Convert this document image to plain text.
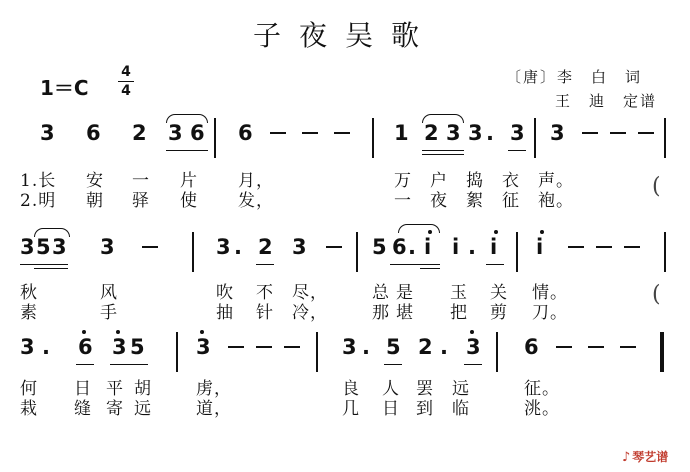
子夜吴歌
1＝C
4
4
〔唐〕李　白　词
王　迪　定谱
3 6 2 3 6 6	1 2 3 3 . 3 3
1.长 安 一 片 月，	万 户 捣 衣 声。
2.明 朝 驿 使 发，	一 夜 絮 征 袍。
(
3 5 3 3	3 . 2 3	5 6 . i i . i i
秋	风	吹 不 尽，	总 是 玉 关 情。
素	手	抽 针 冷，	那 堪 把 剪 刀。
(
3 . 6 3 5 3	3 . 5 2 . 3 6
何 日 平 胡	虏，	良 人 罢 远	征。
栽 缝 寄 远	道，	几 日 到 临	洮。
♪ 琴艺谱
